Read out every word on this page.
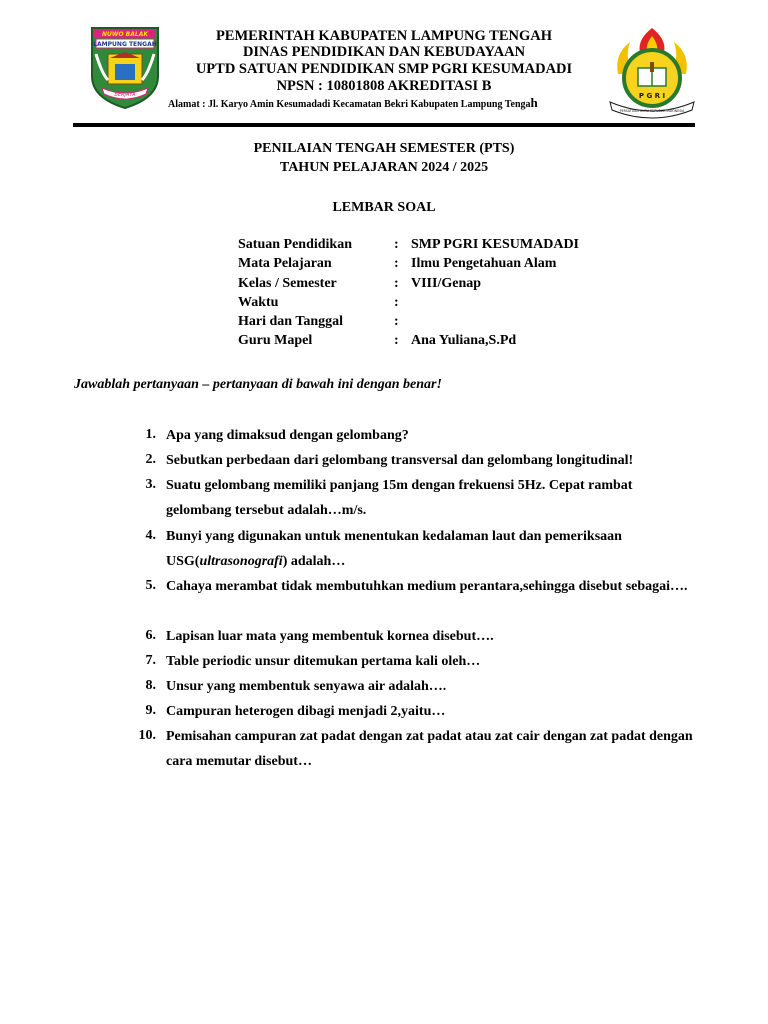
NUWO BALAK
LAMPUNG TENGAH
BERJAYA	P G R I
PERSATUAN GURU REPUBLIK INDONESIA
PEMERINTAH KABUPATEN LAMPUNG TENGAH
DINAS PENDIDIKAN DAN KEBUDAYAAN
UPTD SATUAN PENDIDIKAN SMP PGRI KESUMADADI
NPSN : 10801808 AKREDITASI B
Alamat : Jl. Karyo Amin Kesumadadi Kecamatan Bekri Kabupaten Lampung Tengah
PENILAIAN TENGAH SEMESTER (PTS)
TAHUN PELAJARAN 2024 / 2025
LEMBAR SOAL
Satuan Pendidikan	: SMP PGRI KESUMADADI
Mata Pelajaran	: Ilmu Pengetahuan Alam
Kelas / Semester	: VIII/Genap
Waktu	:
Hari dan Tanggal	:
Guru Mapel	: Ana Yuliana,S.Pd
Jawablah pertanyaan – pertanyaan di bawah ini dengan benar!
1. Apa yang dimaksud dengan gelombang?
2. Sebutkan perbedaan dari gelombang transversal dan gelombang longitudinal!
3. Suatu gelombang memiliki panjang 15m dengan frekuensi 5Hz. Cepat rambat gelombang tersebut adalah…m/s.
4. Bunyi yang digunakan untuk menentukan kedalaman laut dan pemeriksaan USG(ultrasonografi) adalah…
5. Cahaya merambat tidak membutuhkan medium perantara,sehingga disebut sebagai….
6. Lapisan luar mata yang membentuk kornea disebut….
7. Table periodic unsur ditemukan pertama kali oleh…
8. Unsur yang membentuk senyawa air adalah….
9. Campuran heterogen dibagi menjadi 2,yaitu…
10. Pemisahan campuran zat padat dengan zat padat atau zat cair dengan zat padat dengan cara memutar disebut…
